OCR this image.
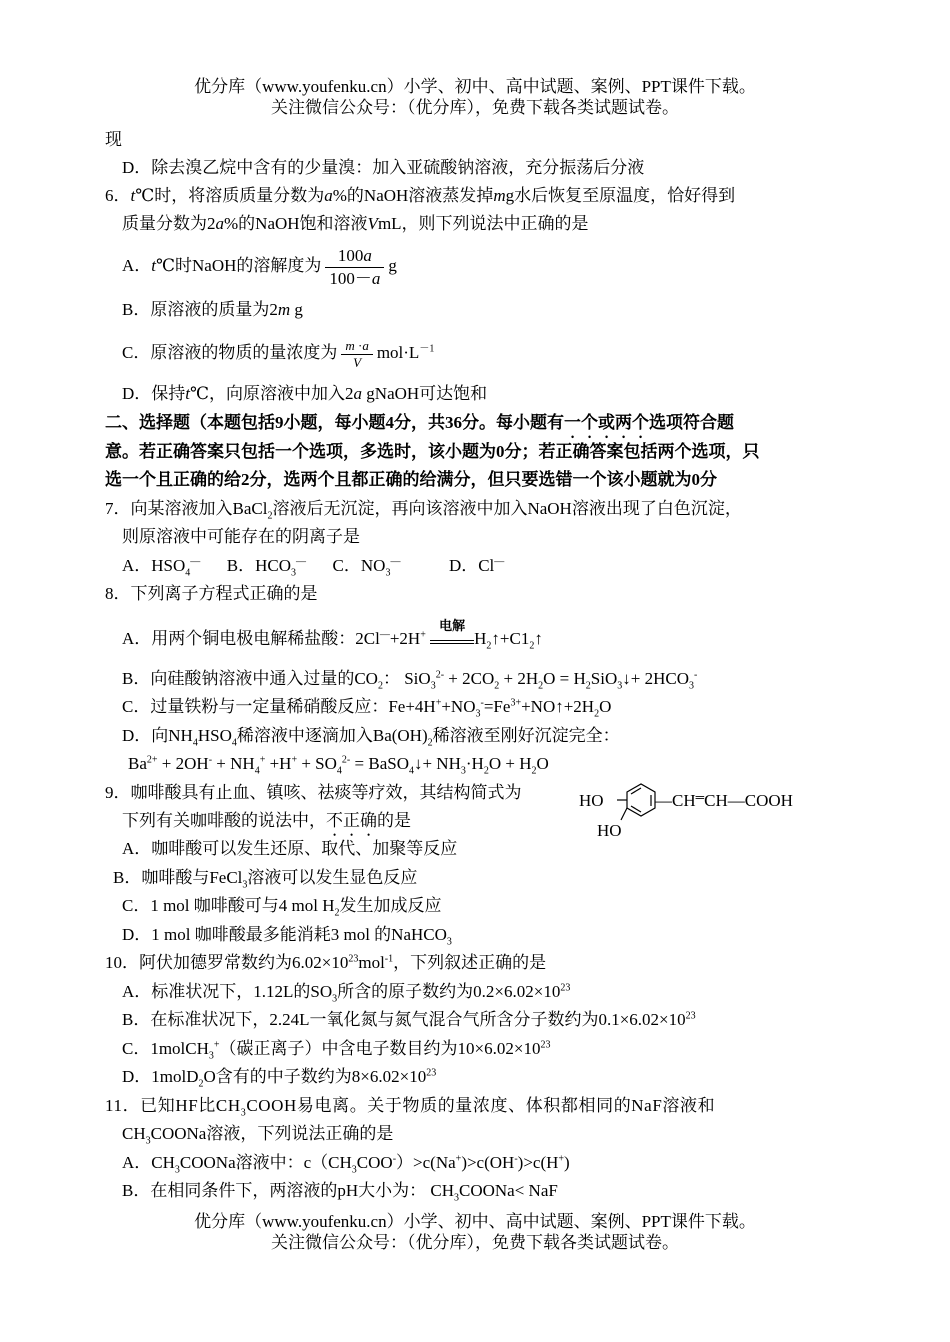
优分库（www.youfenku.cn）小学、初中、高中试题、案例、PPT课件下载。
关注微信公众号：（优分库），免费下载各类试题试卷。
现
D．除去溴乙烷中含有的少量溴：加入亚硫酸钠溶液，充分振荡后分液
6．t℃时，将溶质质量分数为a%的NaOH溶液蒸发掉mg水后恢复至原温度，恰好得到
质量分数为2a%的NaOH饱和溶液VmL，则下列说法中正确的是
A．t℃时NaOH的溶解度为 $\frac{100a}{100-a}$ g
B．原溶液的质量为2m g
C．原溶液的物质的量浓度为 $\frac{m \cdot a}{V} mol\cdot L^{-1}$
D．保持t℃，向原溶液中加入2a gNaOH可达饱和
二、选择题（本题包括9小题，每小题4分，共36分。每小题有一个或两个选项符合题
意。若正确答案只包括一个选项，多选时，该小题为0分；若正确答案包括两个选项，只
选一个且正确的给2分，选两个且都正确的给满分，但只要选错一个该小题就为0分
7．向某溶液加入BaCl$_2$溶液后无沉淀，再向该溶液中加入NaOH溶液出现了白色沉淀，
则原溶液中可能存在的阴离子是
A．$HSO_4^—$ B．$HCO_3^—$ C．$NO_3^—$	D．Cl—
8．下列离子方程式正确的是
A．用两个铜电极电解稀盐酸：2Cl—+2H+
电解
$H_2↑+C1_2↑$
B．向硅酸钠溶液中通入过量的$CO_2$： $SiO_3^{2-} + 2CO_2 + 2H_2O$ = $H_2SiO_3↓+ 2HCO_3^-$
C．过量铁粉与一定量稀硝酸反应：$Fe+4H^++NO_3^-=Fe^{3+}+NO↑+2H_2O$
D．向$NH_4HSO_4$稀溶液中逐滴加入$Ba(OH)_2$稀溶液至刚好沉淀完全：
$Ba^{2+} + 2OH^- + NH_4^+ +H^+ + SO_4^{2-}$ = BaSO$_4$↓+ $NH_3\cdot H_2O + H_2O$
9．咖啡酸具有止血、镇咳、祛痰等疗效，其结构简式为
下列有关咖啡酸的说法中，不正确的是
HO
HO
—CH═CH—COOH
A．咖啡酸可以发生还原、取代、加聚等反应
B．咖啡酸与FeCl$_3$溶液可以发生显色反应
C．1 mol 咖啡酸可与4 mol $H_2$发生加成反应
D．1 mol 咖啡酸最多能消耗3 mol 的NaHCO$_3$
10．阿伏加德罗常数约为$6.02\times 10^{23}mol^{-1}$，下列叙述正确的是
A．标准状况下，1.12L的$SO_3$所含的原子数约为$0.2\times 6.02\times 10^{23}$
B．在标准状况下，2.24L一氧化氮与氮气混合气所含分子数约为$0.1\times 6.02\times 10^{23}$
C．1molCH$_3$+（碳正离子）中含电子数目约为$10\times 6.02\times 10^{23}$
D．1molD$_2$O含有的中子数约为$8\times 6.02\times 10^{23}$
11．已知HF比$CH_3COOH$易电离。关于物质的量浓度、体积都相同的NaF溶液和
$CH_3COONa$溶液，下列说法正确的是
A．$CH_3COONa$溶液中：$c(CH_3COO^-)>c(Na^+)>c(OH^-)>c(H^+)$
B．在相同条件下，两溶液的pH大小为： $CH_3COONa<$ NaF
优分库（www.youfenku.cn）小学、初中、高中试题、案例、PPT课件下载。
关注微信公众号：（优分库），免费下载各类试题试卷。
